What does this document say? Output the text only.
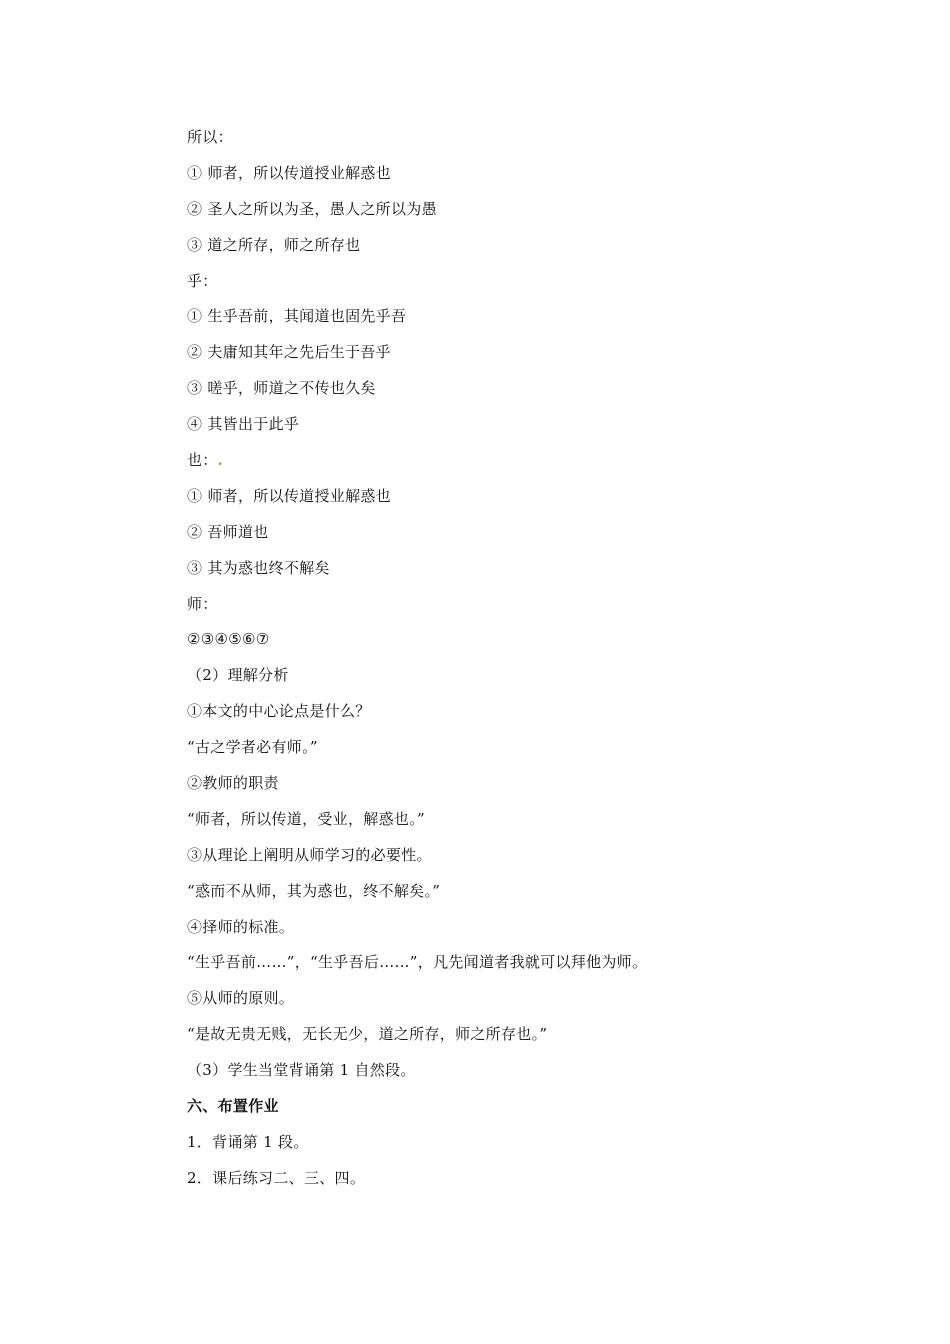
所以：
① 师者，所以传道授业解惑也
② 圣人之所以为圣，愚人之所以为愚
③ 道之所存，师之所存也
乎：
① 生乎吾前，其闻道也固先乎吾
② 夫庸知其年之先后生于吾乎
③ 嗟乎，师道之不传也久矣
④ 其皆出于此乎
也：.
① 师者，所以传道授业解惑也
② 吾师道也
③ 其为惑也终不解矣
师：
②③④⑤⑥⑦
（2）理解分析
①本文的中心论点是什么？
“古之学者必有师。”
②教师的职责
“师者，所以传道，受业，解惑也。”
③从理论上阐明从师学习的必要性。
“惑而不从师，其为惑也，终不解矣。”
④择师的标准。
“生乎吾前……”，“生乎吾后……”，凡先闻道者我就可以拜他为师。
⑤从师的原则。
“是故无贵无贱，无长无少，道之所存，师之所存也。”
（3）学生当堂背诵第 1 自然段。
六、布置作业
1．背诵第 1 段。
2．课后练习二、三、四。
